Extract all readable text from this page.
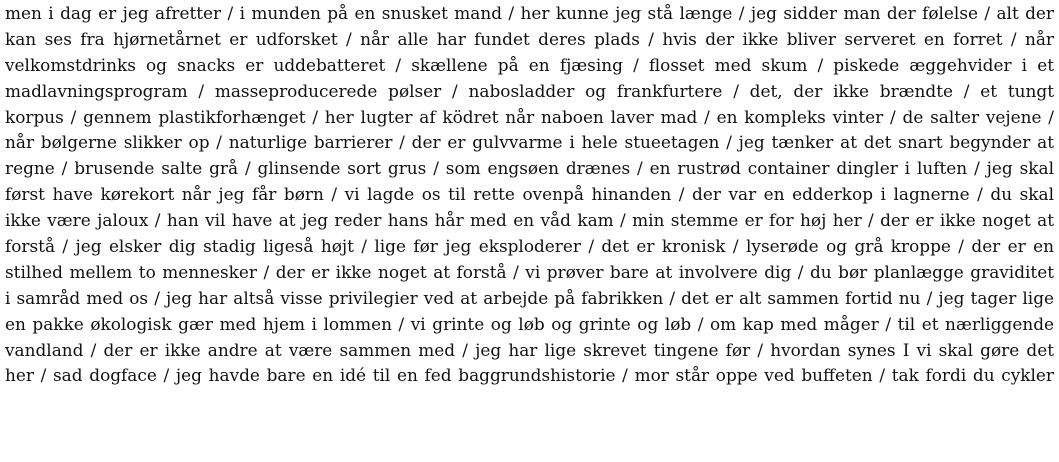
men i dag er jeg afretter / i munden på en snusket mand / her kunne jeg stå længe / jeg sidder man der følelse / alt der
kan ses fra hjørnetårnet er udforsket / når alle har fundet deres plads / hvis der ikke bliver serveret en forret / når
velkomstdrinks og snacks er uddebatteret / skællene på en fjæsing / flosset med skum / piskede æggehvider i et
madlavningsprogram / masseproducerede pølser / nabosladder og frankfurtere / det, der ikke brændte / et tungt
korpus / gennem plastikforhænget / her lugter af ködret når naboen laver mad / en kompleks vinter / de salter vejene /
når bølgerne slikker op / naturlige barrierer / der er gulvvarme i hele stueetagen / jeg tænker at det snart begynder at
regne / brusende salte grå / glinsende sort grus / som engsøen drænes / en rustrød container dingler i luften / jeg skal
først have kørekort når jeg får børn / vi lagde os til rette ovenpå hinanden / der var en edderkop i lagnerne / du skal
ikke være jaloux / han vil have at jeg reder hans hår med en våd kam / min stemme er for høj her / der er ikke noget at
forstå / jeg elsker dig stadig ligeså højt / lige før jeg eksploderer / det er kronisk / lyserøde og grå kroppe / der er en
stilhed mellem to mennesker / der er ikke noget at forstå / vi prøver bare at involvere dig / du bør planlægge graviditet
i samråd med os / jeg har altså visse privilegier ved at arbejde på fabrikken / det er alt sammen fortid nu / jeg tager lige
en pakke økologisk gær med hjem i lommen / vi grinte og løb og grinte og løb / om kap med måger / til et nærliggende
vandland / der er ikke andre at være sammen med / jeg har lige skrevet tingene før / hvordan synes I vi skal gøre det
her / sad dogface / jeg havde bare en idé til en fed baggrundshistorie / mor står oppe ved buffeten / tak fordi du cykler
